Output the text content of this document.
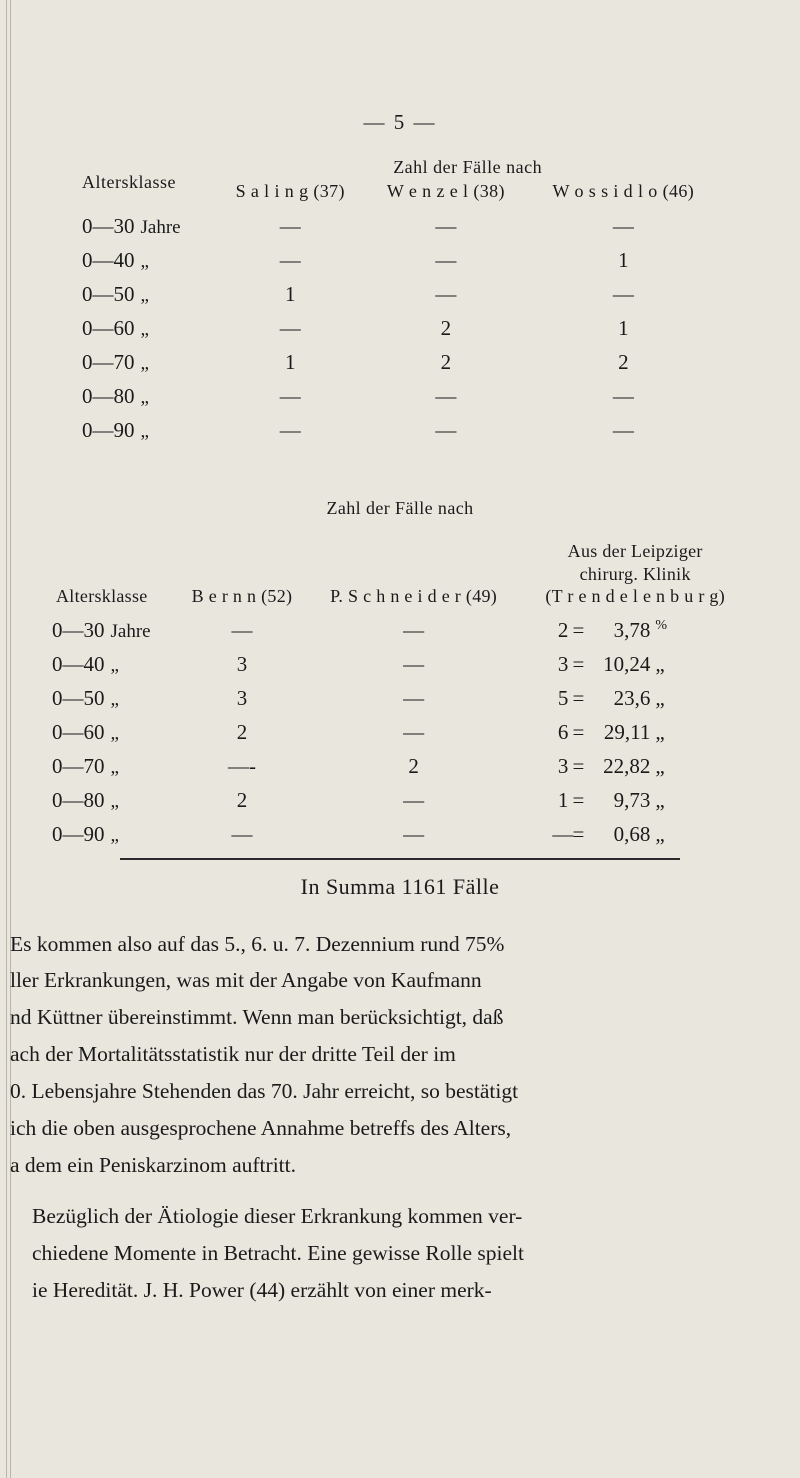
— 5 —
Altersklasse	Zahl der Fälle nach		
	S a l i n g (37)	W e n z e l (38)	W o s s i d l o (46)
0—30 Jahre	—	—	—
0—40 „	—	—	1
0—50 „	1	—	—
0—60 „	—	2	1
0—70 „	1	2	2
0—80 „	—	—	—
0—90 „	—	—	—
Zahl der Fälle nach			
Altersklasse	B e r n n (52)	P. S c h n e i d e r (49)	Aus der Leipziger
chirurg. Klinik
(T r e n d e l e n b u r g)

0—30 Jahre	—	—	2 = 3,78 %
0—40 „	3	—	3 = 10,24 „
0—50 „	3	—	5 = 23,6 „
0—60 „	2	—	6 = 29,11 „
0—70 „	—-	2	3 = 22,82 „
0—80 „	2	—	1 = 9,73 „
0—90 „	—	—	—= 0,68 „
In Summa 1161 Fälle

Es kommen also auf das 5., 6. u. 7. Dezennium rund 75%
ller Erkrankungen, was mit der Angabe von Kaufmann
nd Küttner übereinstimmt. Wenn man berücksichtigt, daß
ach der Mortalitätsstatistik nur der dritte Teil der im
0. Lebensjahre Stehenden das 70. Jahr erreicht, so bestätigt
ich die oben ausgesprochene Annahme betreffs des Alters,
a dem ein Peniskarzinom auftritt.

Bezüglich der Ätiologie dieser Erkrankung kommen ver-
chiedene Momente in Betracht. Eine gewisse Rolle spielt
ie Heredität. J. H. Power (44) erzählt von einer merk-
